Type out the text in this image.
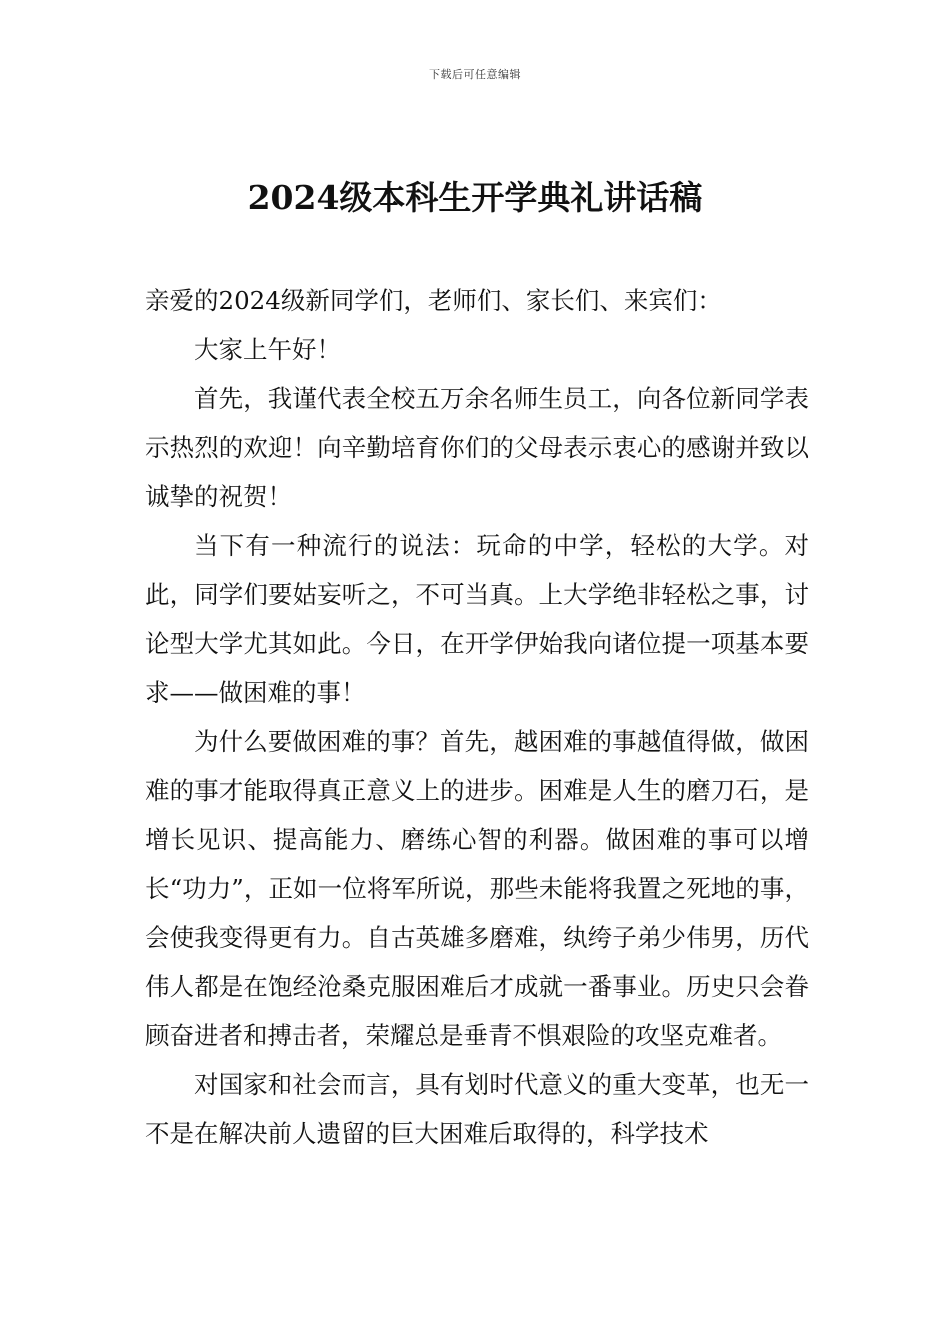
下载后可任意编辑
2024级本科生开学典礼讲话稿

亲爱的2024级新同学们，老师们、家长们、来宾们：

大家上午好！

首先，我谨代表全校五万余名师生员工，向各位新同学表示热烈的欢迎！向辛勤培育你们的父母表示衷心的感谢并致以诚挚的祝贺！

当下有一种流行的说法：玩命的中学，轻松的大学。对此，同学们要姑妄听之，不可当真。上大学绝非轻松之事，讨论型大学尤其如此。今日，在开学伊始我向诸位提一项基本要求——做困难的事！

为什么要做困难的事？首先，越困难的事越值得做，做困难的事才能取得真正意义上的进步。困难是人生的磨刀石，是增长见识、提高能力、磨练心智的利器。做困难的事可以增长“功力”，正如一位将军所说，那些未能将我置之死地的事，会使我变得更有力。自古英雄多磨难，纨绔子弟少伟男，历代伟人都是在饱经沧桑克服困难后才成就一番事业。历史只会眷顾奋进者和搏击者，荣耀总是垂青不惧艰险的攻坚克难者。

对国家和社会而言，具有划时代意义的重大变革，也无一不是在解决前人遗留的巨大困难后取得的，科学技术
